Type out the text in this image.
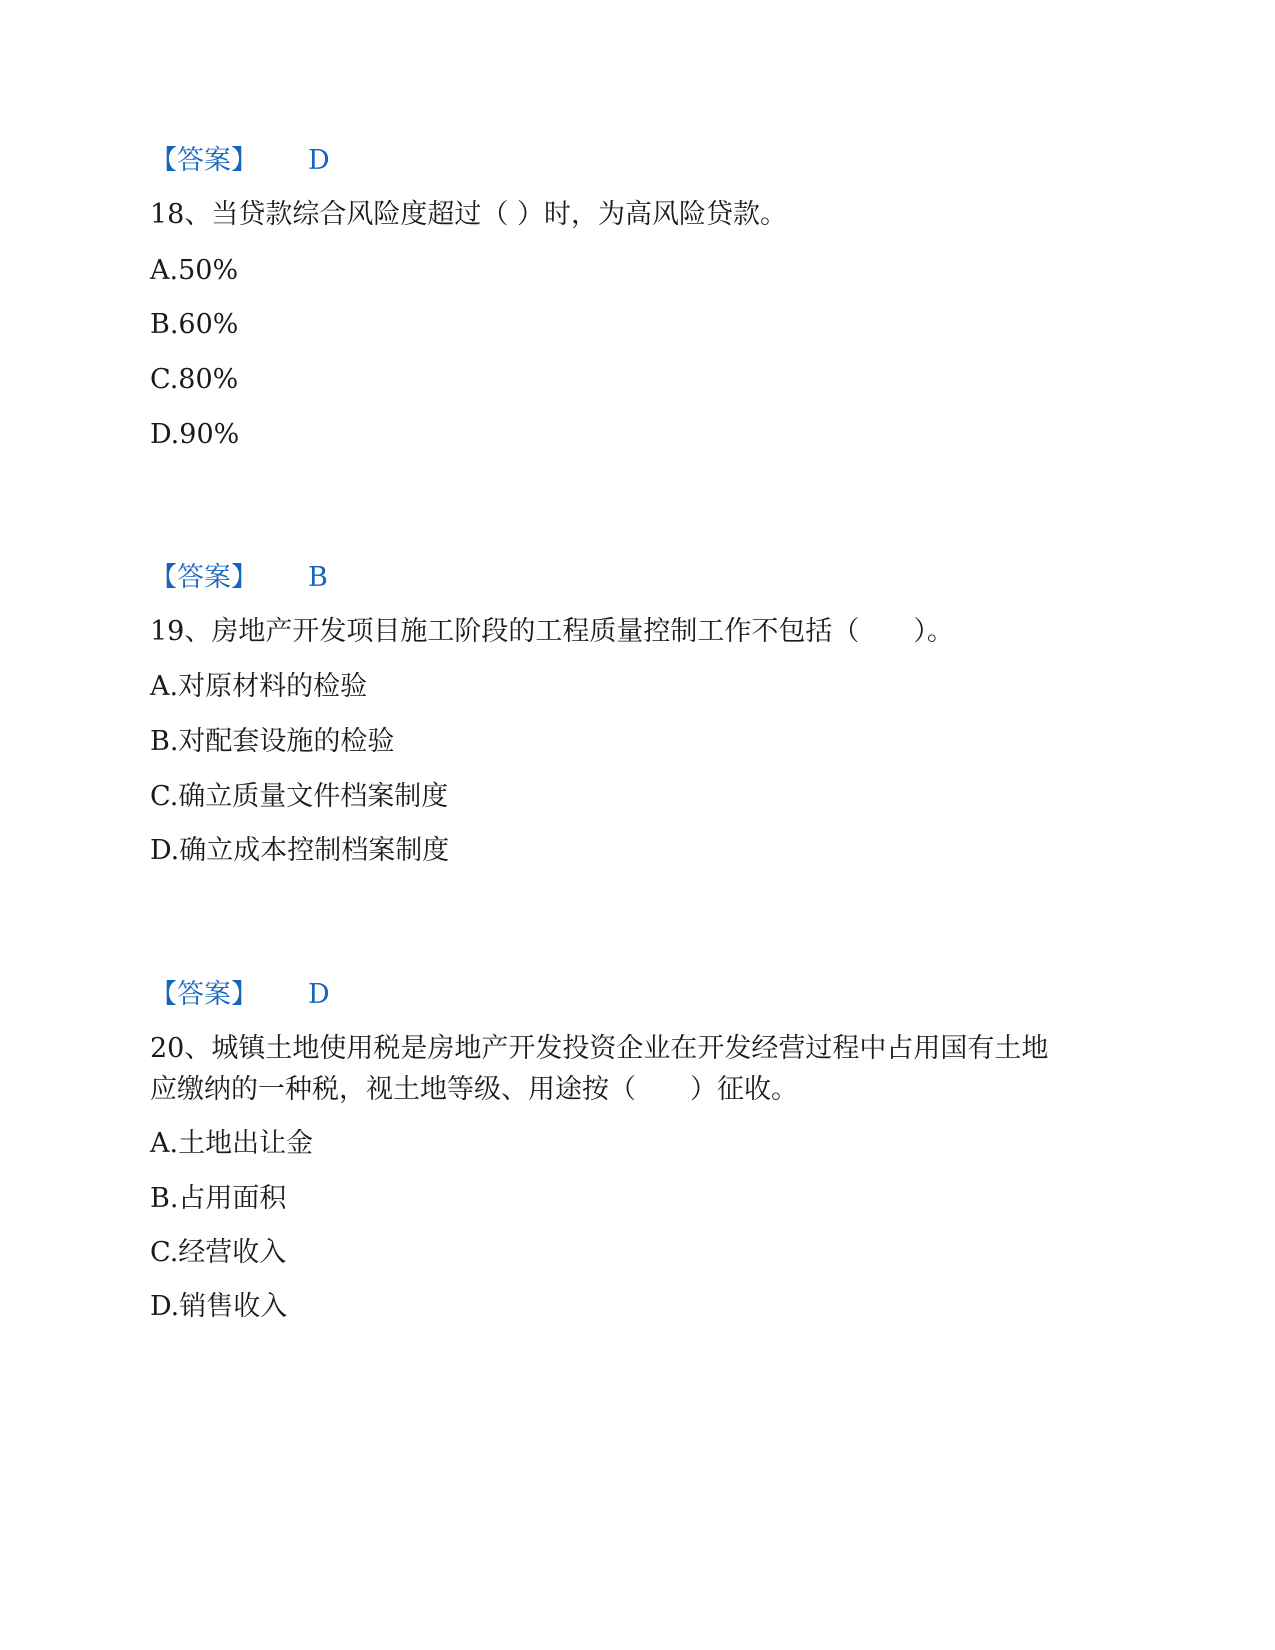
【答案】 D
18、当贷款综合风险度超过（ ）时，为高风险贷款。
A.50%
B.60%
C.80%
D.90%
【答案】 B
19、房地产开发项目施工阶段的工程质量控制工作不包括（　　）。
A.对原材料的检验
B.对配套设施的检验
C.确立质量文件档案制度
D.确立成本控制档案制度
【答案】 D
20、城镇土地使用税是房地产开发投资企业在开发经营过程中占用国有土地
应缴纳的一种税，视土地等级、用途按（　　）征收。
A.土地出让金
B.占用面积
C.经营收入
D.销售收入
